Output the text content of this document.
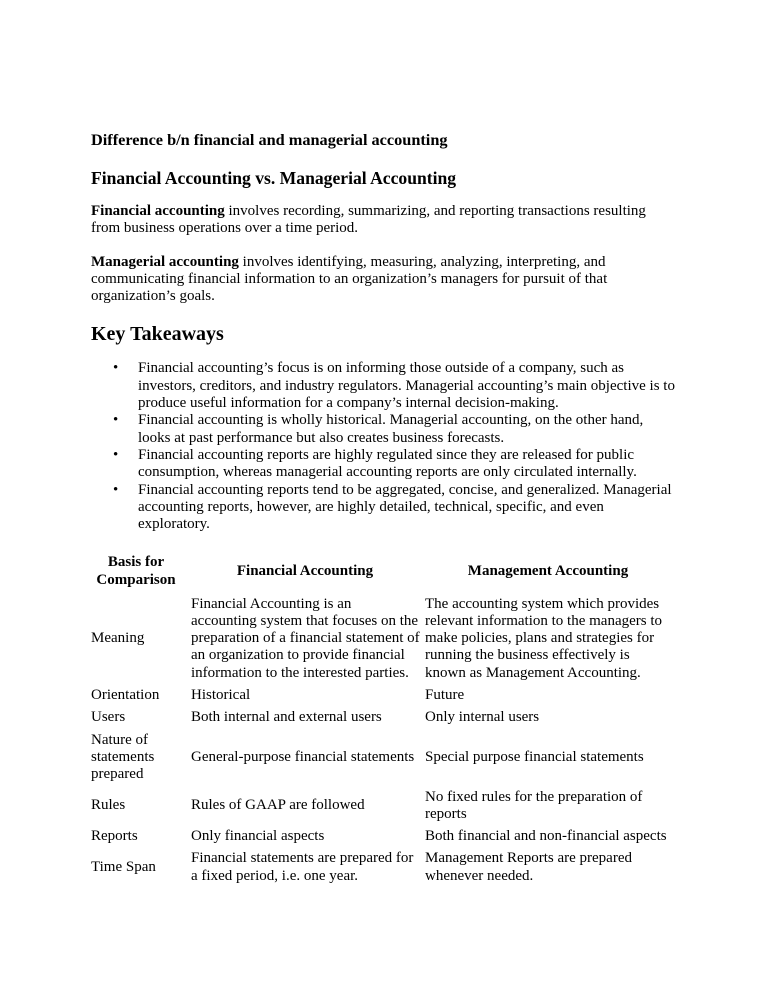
Difference b/n financial and managerial accounting
Financial Accounting vs. Managerial Accounting

Financial accounting involves recording, summarizing, and reporting transactions resulting from business operations over a time period.

Managerial accounting involves identifying, measuring, analyzing, interpreting, and communicating financial information to an organization’s managers for pursuit of that organization’s goals.

Key Takeaways
• Financial accounting’s focus is on informing those outside of a company, such as investors, creditors, and industry regulators. Managerial accounting’s main objective is to produce useful information for a company’s internal decision-making.
• Financial accounting is wholly historical. Managerial accounting, on the other hand, looks at past performance but also creates business forecasts.
• Financial accounting reports are highly regulated since they are released for public consumption, whereas managerial accounting reports are only circulated internally.
• Financial accounting reports tend to be aggregated, concise, and generalized. Managerial accounting reports, however, are highly detailed, technical, specific, and even exploratory.
Basis for Comparison	Financial Accounting	Management Accounting
Meaning	Financial Accounting is an accounting system that focuses on the preparation of a financial statement of an organization to provide financial information to the interested parties.	The accounting system which provides relevant information to the managers to make policies, plans and strategies for running the business effectively is known as Management Accounting.
Orientation	Historical	Future
Users	Both internal and external users	Only internal users
Nature of statements prepared	General-purpose financial statements	Special purpose financial statements
Rules	Rules of GAAP are followed	No fixed rules for the preparation of reports
Reports	Only financial aspects	Both financial and non-financial aspects
Time Span	Financial statements are prepared for a fixed period, i.e. one year.	Management Reports are prepared whenever needed.
